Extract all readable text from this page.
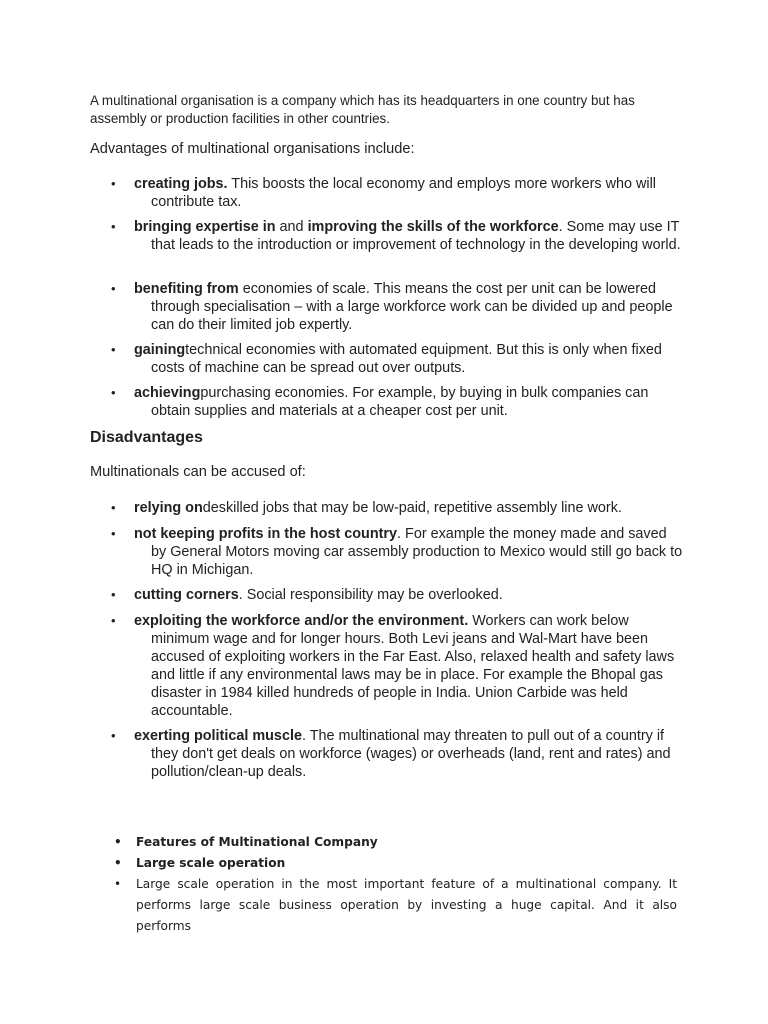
A multinational organisation is a company which has its headquarters in one country but has assembly or production facilities in other countries.

Advantages of multinational organisations include:

• creating jobs. This boosts the local economy and employs more workers who will contribute tax.
• bringing expertise in and improving the skills of the workforce. Some may use IT that leads to the introduction or improvement of technology in the developing world.
• benefiting from economies of scale. This means the cost per unit can be lowered through specialisation – with a large workforce work can be divided up and people can do their limited job expertly.
• gainingtechnical economies with automated equipment. But this is only when fixed costs of machine can be spread out over outputs.
• achievingpurchasing economies. For example, by buying in bulk companies can obtain supplies and materials at a cheaper cost per unit.
Disadvantages

Multinationals can be accused of:

• relying ondeskilled jobs that may be low-paid, repetitive assembly line work.
• not keeping profits in the host country. For example the money made and saved by General Motors moving car assembly production to Mexico would still go back to HQ in Michigan.
• cutting corners. Social responsibility may be overlooked.
• exploiting the workforce and/or the environment. Workers can work below minimum wage and for longer hours. Both Levi jeans and Wal-Mart have been accused of exploiting workers in the Far East. Also, relaxed health and safety laws and little if any environmental laws may be in place. For example the Bhopal gas disaster in 1984 killed hundreds of people in India. Union Carbide was held accountable.
• exerting political muscle. The multinational may threaten to pull out of a country if they don't get deals on workforce (wages) or overheads (land, rent and rates) and pollution/clean-up deals.
• Features of Multinational Company
• Large scale operation
• Large scale operation in the most important feature of a multinational company. It performs large scale business operation by investing a huge capital. And it also performs
